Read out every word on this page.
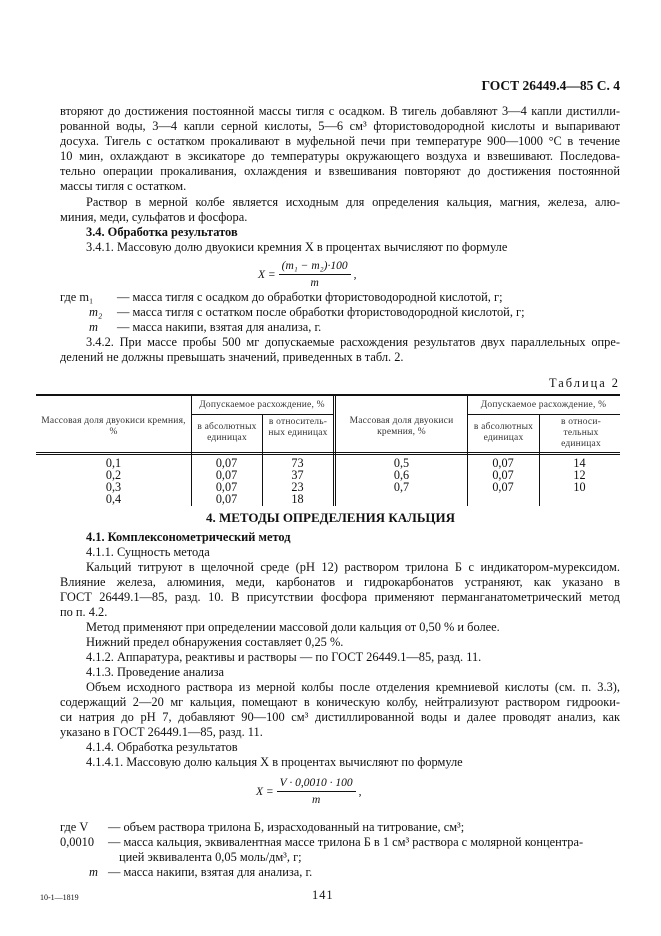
ГОСТ 26449.4—85 С. 4
вторяют до достижения постоянной массы тигля с осадком. В тигель добавляют 3—4 капли дистилли-
рованной воды, 3—4 капли серной кислоты, 5—6 см³ фтористоводородной кислоты и выпаривают
досуха. Тигель с остатком прокаливают в муфельной печи при температуре 900—1000 °С в течение
10 мин, охлаждают в эксикаторе до температуры окружающего воздуха и взвешивают. Последова-
тельно операции прокаливания, охлаждения и взвешивания повторяют до достижения постоянной
массы тигля с остатком.
Раствор в мерной колбе является исходным для определения кальция, магния, железа, алю-
миния, меди, сульфатов и фосфора.
3.4. Обработка результатов
3.4.1. Массовую долю двуокиси кремния X в процентах вычисляют по формуле
$X = \frac{\text{(m₁ − m₂)·100}}{m}$ ,
где m₁ — масса тигля с осадком до обработки фтористоводородной кислотой, г;
m₂ — масса тигля с остатком после обработки фтористоводородной кислотой, г;
m — масса накипи, взятая для анализа, г.
3.4.2. При массе пробы 500 мг допускаемые расхождения результатов двух параллельных опре-
делений не должны превышать значений, приведенных в табл. 2.
Таблица 2
Массовая доля двуокиси кремния, %
Допускаемое расхождение, %
в абсолютных единицах
в относитель-ных единицах
Массовая доля двуокиси кремния, %
Допускаемое расхождение, %
в абсолютных единицах
в относи-тельных единицах
0,1
0,2
0,3
0,4
0,07
0,07
0,07
0,07
73
37
23
18
0,5
0,6
0,7
0,07
0,07
0,07
14
12
10
4. МЕТОДЫ ОПРЕДЕЛЕНИЯ КАЛЬЦИЯ
4.1. Комплексонометрический метод
4.1.1. Сущность метода
Кальций титруют в щелочной среде (pH 12) раствором трилона Б с индикатором-мурексидом.
Влияние железа, алюминия, меди, карбонатов и гидрокарбонатов устраняют, как указано в
ГОСТ 26449.1—85, разд. 10. В присутствии фосфора применяют перманганатометрический метод
по п. 4.2.
Метод применяют при определении массовой доли кальция от 0,50 % и более.
Нижний предел обнаружения составляет 0,25 %.
4.1.2. Аппаратура, реактивы и растворы — по ГОСТ 26449.1—85, разд. 11.
4.1.3. Проведение анализа
Объем исходного раствора из мерной колбы после отделения кремниевой кислоты (см. п. 3.3),
содержащий 2—20 мг кальция, помещают в коническую колбу, нейтрализуют раствором гидрооки-
си натрия до pH 7, добавляют 90—100 см³ дистиллированной воды и далее проводят анализ, как
указано в ГОСТ 26449.1—85, разд. 11.
4.1.4. Обработка результатов
4.1.4.1. Массовую долю кальция X в процентах вычисляют по формуле
$X = \frac{V \cdot 0,0010 \cdot 100}{m}$ ,
где V — объем раствора трилона Б, израсходованный на титрование, см³;
0,0010 — масса кальция, эквивалентная массе трилона Б в 1 см³ раствора с молярной концентра-
цией эквивалента 0,05 моль/дм³, г;
m — масса накипи, взятая для анализа, г.
10-1—1819	141
